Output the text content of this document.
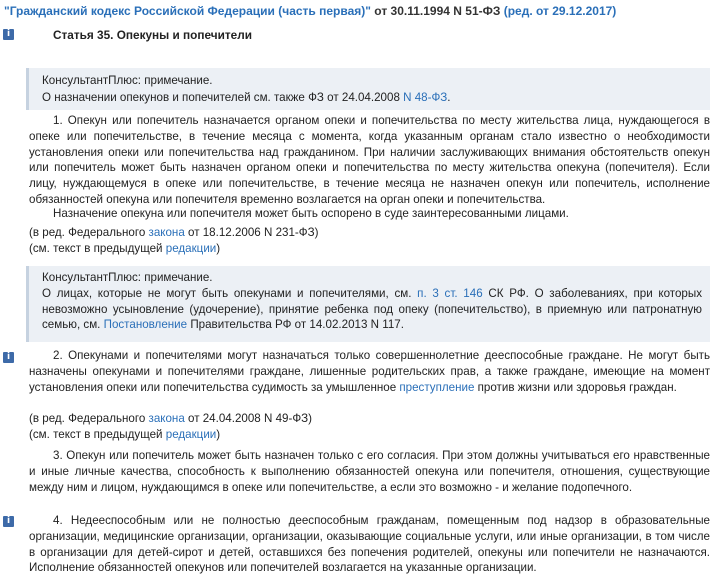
"Гражданский кодекс Российской Федерации (часть первая)" от 30.11.1994 N 51-ФЗ (ред. от 29.12.2017)
i	Статья 35. Опекуны и попечители
КонсультантПлюс: примечание.
О назначении опекунов и попечителей см. также ФЗ от 24.04.2008 N 48-ФЗ.
1. Опекун или попечитель назначается органом опеки и попечительства по месту жительства лица, нуждающегося в опеке или попечительстве, в течение месяца с момента, когда указанным органам стало известно о необходимости установления опеки или попечительства над гражданином. При наличии заслуживающих внимания обстоятельств опекун или попечитель может быть назначен органом опеки и попечительства по месту жительства опекуна (попечителя). Если лицу, нуждающемуся в опеке или попечительстве, в течение месяца не назначен опекун или попечитель, исполнение обязанностей опекуна или попечителя временно возлагается на орган опеки и попечительства.
Назначение опекуна или попечителя может быть оспорено в суде заинтересованными лицами.
(в ред. Федерального закона от 18.12.2006 N 231-ФЗ)
(см. текст в предыдущей редакции)
КонсультантПлюс: примечание.
О лицах, которые не могут быть опекунами и попечителями, см. п. 3 ст. 146 СК РФ. О заболеваниях, при которых невозможно усыновление (удочерение), принятие ребенка под опеку (попечительство), в приемную или патронатную семью, см. Постановление Правительства РФ от 14.02.2013 N 117.
i	2. Опекунами и попечителями могут назначаться только совершеннолетние дееспособные граждане. Не могут быть назначены опекунами и попечителями граждане, лишенные родительских прав, а также граждане, имеющие на момент установления опеки или попечительства судимость за умышленное преступление против жизни или здоровья граждан.
(в ред. Федерального закона от 24.04.2008 N 49-ФЗ)
(см. текст в предыдущей редакции)
3. Опекун или попечитель может быть назначен только с его согласия. При этом должны учитываться его нравственные и иные личные качества, способность к выполнению обязанностей опекуна или попечителя, отношения, существующие между ним и лицом, нуждающимся в опеке или попечительстве, а если это возможно - и желание подопечного.
i	4. Недееспособным или не полностью дееспособным гражданам, помещенным под надзор в образовательные организации, медицинские организации, организации, оказывающие социальные услуги, или иные организации, в том числе в организации для детей-сирот и детей, оставшихся без попечения родителей, опекуны или попечители не назначаются. Исполнение обязанностей опекунов или попечителей возлагается на указанные организации.
